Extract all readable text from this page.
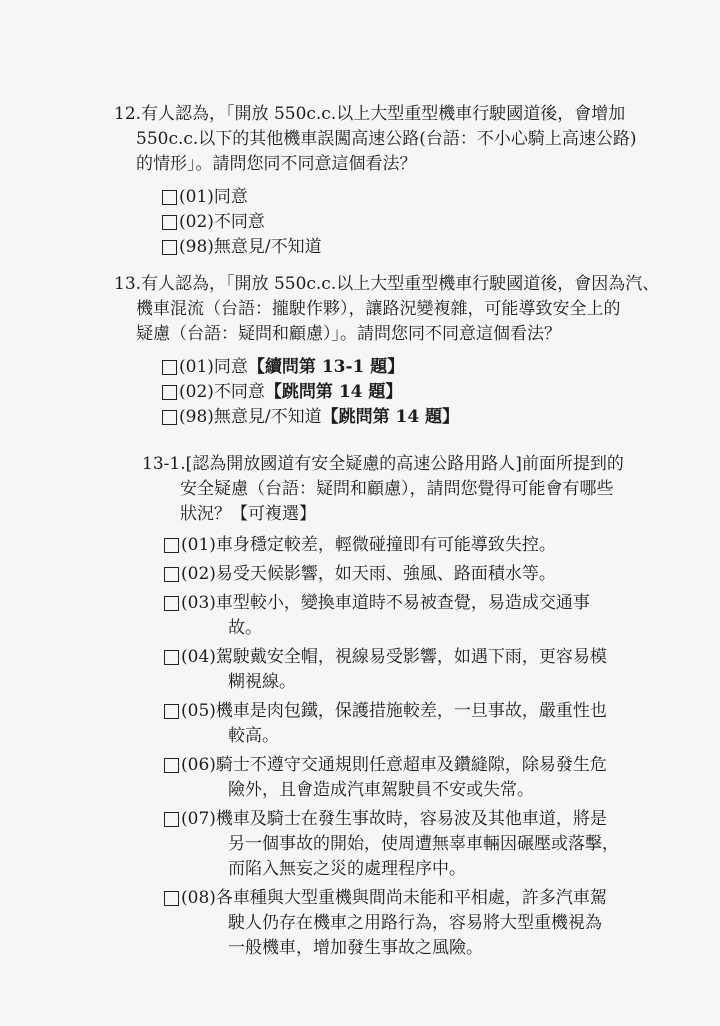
12.有人認為，「開放 550c.c.以上大型重型機車行駛國道後，會增加
550c.c.以下的其他機車誤闖高速公路(台語：不小心騎上高速公路)
的情形」。請問您同不同意這個看法？
(01)同意
(02)不同意
(98)無意見/不知道
13.有人認為，「開放 550c.c.以上大型重型機車行駛國道後，會因為汽、
機車混流（台語：攏駛作夥），讓路況變複雜，可能導致安全上的
疑慮（台語：疑問和顧慮）」。請問您同不同意這個看法？
(01)同意【續問第 13-1 題】
(02)不同意【跳問第 14 題】
(98)無意見/不知道【跳問第 14 題】
13-1.[認為開放國道有安全疑慮的高速公路用路人]前面所提到的
安全疑慮（台語：疑問和顧慮），請問您覺得可能會有哪些
狀況？【可複選】
(01)車身穩定較差，輕微碰撞即有可能導致失控。
(02)易受天候影響，如天雨、強風、路面積水等。
(03)車型較小，變換車道時不易被查覺，易造成交通事
故。
(04)駕駛戴安全帽，視線易受影響，如遇下雨，更容易模
糊視線。
(05)機車是肉包鐵，保護措施較差，一旦事故，嚴重性也
較高。
(06)騎士不遵守交通規則任意超車及鑽縫隙，除易發生危
險外，且會造成汽車駕駛員不安或失常。
(07)機車及騎士在發生事故時，容易波及其他車道，將是
另一個事故的開始，使周遭無辜車輛因碾壓或落擊，
而陷入無妄之災的處理程序中。
(08)各車種與大型重機與間尚未能和平相處，許多汽車駕
駛人仍存在機車之用路行為，容易將大型重機視為
一般機車，增加發生事故之風險。
